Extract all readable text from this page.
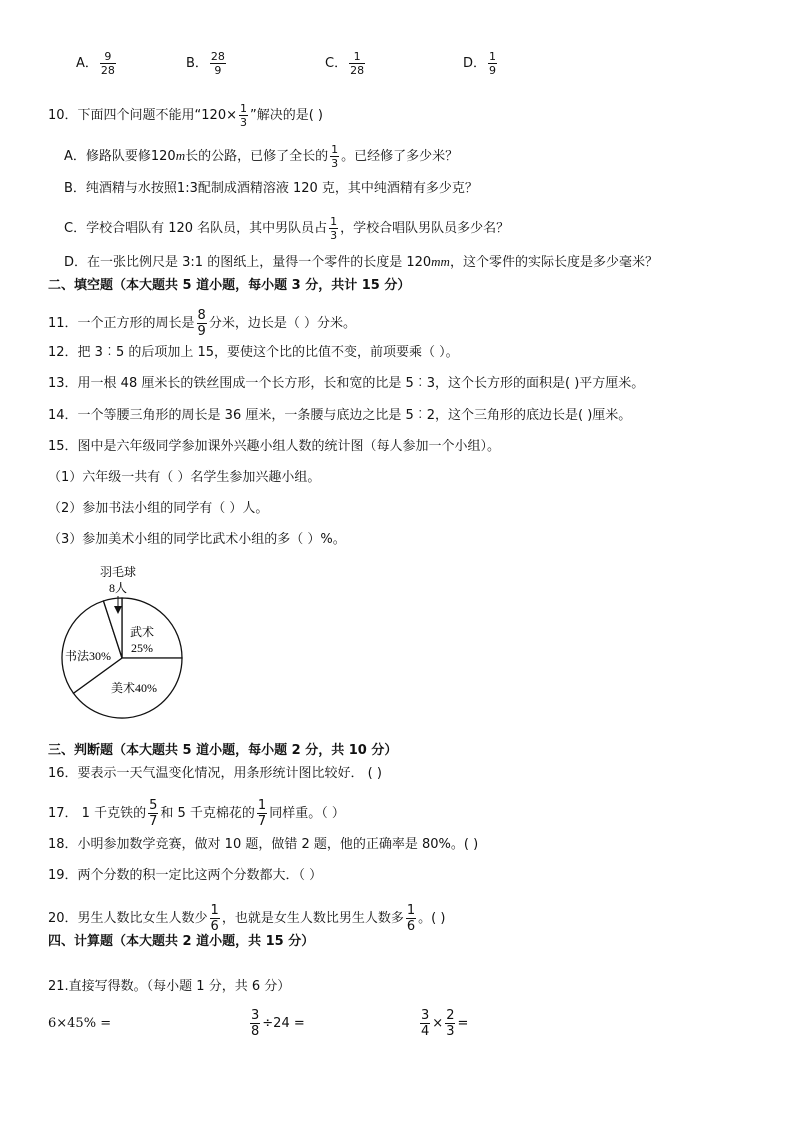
A． $\frac{9}{28}$	B． $\frac{28}{9}$	C． $\frac{1}{28}$	D． $\frac{1}{9}$
10．下面四个问题不能用“$120\times \frac{1}{3}$ ”解决的是( )
A．修路队要修120m长的公路，已修了全长的 $\frac{1}{3}$ 。已经修了多少米？
B．纯酒精与水按照1:3配制成酒精溶液 120 克，其中纯酒精有多少克？
C．学校合唱队有 120 名队员，其中男队员占 $\frac{1}{3}$ ，学校合唱队男队员多少名？
D．在一张比例尺是 3:1 的图纸上，量得一个零件的长度是 120mm，这个零件的实际长度是多少毫米？
二、填空题（本大题共 5 道小题，每小题 3 分，共计 15 分）
11．一个正方形的周长是 $\frac{8}{9}$ 分米，边长是（ ）分米。
12．把 3︰5 的后项加上 15，要使这个比的比值不变，前项要乘（ ）。
13．用一根 48 厘米长的铁丝围成一个长方形，长和宽的比是 5︰3，这个长方形的面积是( )平方厘米。
14．一个等腰三角形的周长是 36 厘米，一条腰与底边之比是 5︰2，这个三角形的底边长是( )厘米。
15．图中是六年级同学参加课外兴趣小组人数的统计图（每人参加一个小组）。
（1）六年级一共有（ ）名学生参加兴趣小组。
（2）参加书法小组的同学有（ ）人。
（3）参加美术小组的同学比武术小组的多（ ）%。
羽毛球
8人
武术
25%
书法30%
美术40%
三、判断题（本大题共 5 道小题，每小题 2 分，共 10 分）
16．要表示一天气温变化情况，用条形统计图比较好． ( )
17． 1 千克铁的 $\frac{5}{7}$ 和 5 千克棉花的 $\frac{1}{7}$ 同样重。（ ）
18．小明参加数学竞赛，做对 10 题，做错 2 题，他的正确率是 80%。( )
19．两个分数的积一定比这两个分数都大．（ ）
20．男生人数比女生人数少 $\frac{1}{6}$ ，也就是女生人数比男生人数多 $\frac{1}{6}$ 。( )
四、计算题（本大题共 2 道小题，共 15 分）
21.直接写得数。（每小题 1 分，共 6 分）
6×45% =	$\frac{3}{8} \div 24$ =	$\frac{3}{4} \times \frac{2}{3}$ =
